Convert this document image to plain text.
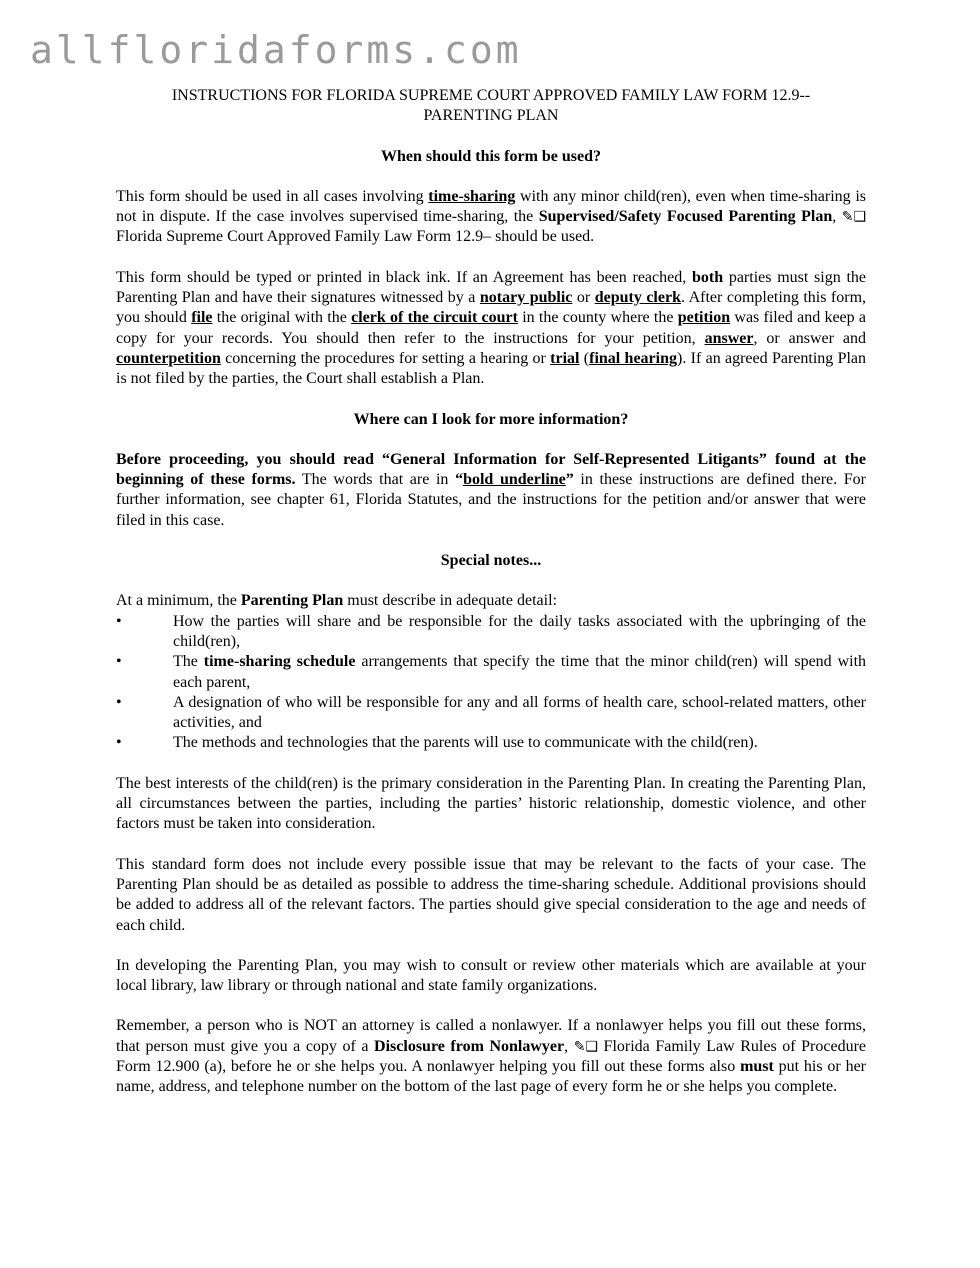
allfloridaforms.com
INSTRUCTIONS FOR FLORIDA SUPREME COURT APPROVED FAMILY LAW FORM 12.9--
PARENTING PLAN
When should this form be used?

This form should be used in all cases involving time-sharing with any minor child(ren), even when time-sharing is not in dispute. If the case involves supervised time-sharing, the Supervised/Safety Focused Parenting Plan, ✎❑ Florida Supreme Court Approved Family Law Form 12.9– should be used.

This form should be typed or printed in black ink. If an Agreement has been reached, both parties must sign the Parenting Plan and have their signatures witnessed by a notary public or deputy clerk. After completing this form, you should file the original with the clerk of the circuit court in the county where the petition was filed and keep a copy for your records. You should then refer to the instructions for your petition, answer, or answer and counterpetition concerning the procedures for setting a hearing or trial (final hearing). If an agreed Parenting Plan is not filed by the parties, the Court shall establish a Plan.

Where can I look for more information?

Before proceeding, you should read “General Information for Self-Represented Litigants” found at the beginning of these forms. The words that are in “bold underline” in these instructions are defined there. For further information, see chapter 61, Florida Statutes, and the instructions for the petition and/or answer that were filed in this case.

Special notes...

At a minimum, the Parenting Plan must describe in adequate detail:

•	How the parties will share and be responsible for the daily tasks associated with the upbringing of the child(ren),
•	The time-sharing schedule arrangements that specify the time that the minor child(ren) will spend with each parent,
•	A designation of who will be responsible for any and all forms of health care, school-related matters, other activities, and
•	The methods and technologies that the parents will use to communicate with the child(ren).

The best interests of the child(ren) is the primary consideration in the Parenting Plan. In creating the Parenting Plan, all circumstances between the parties, including the parties’ historic relationship, domestic violence, and other factors must be taken into consideration.

This standard form does not include every possible issue that may be relevant to the facts of your case. The Parenting Plan should be as detailed as possible to address the time-sharing schedule. Additional provisions should be added to address all of the relevant factors. The parties should give special consideration to the age and needs of each child.

In developing the Parenting Plan, you may wish to consult or review other materials which are available at your local library, law library or through national and state family organizations.

Remember, a person who is NOT an attorney is called a nonlawyer. If a nonlawyer helps you fill out these forms, that person must give you a copy of a Disclosure from Nonlawyer, ✎❑ Florida Family Law Rules of Procedure Form 12.900 (a), before he or she helps you. A nonlawyer helping you fill out these forms also must put his or her name, address, and telephone number on the bottom of the last page of every form he or she helps you complete.
